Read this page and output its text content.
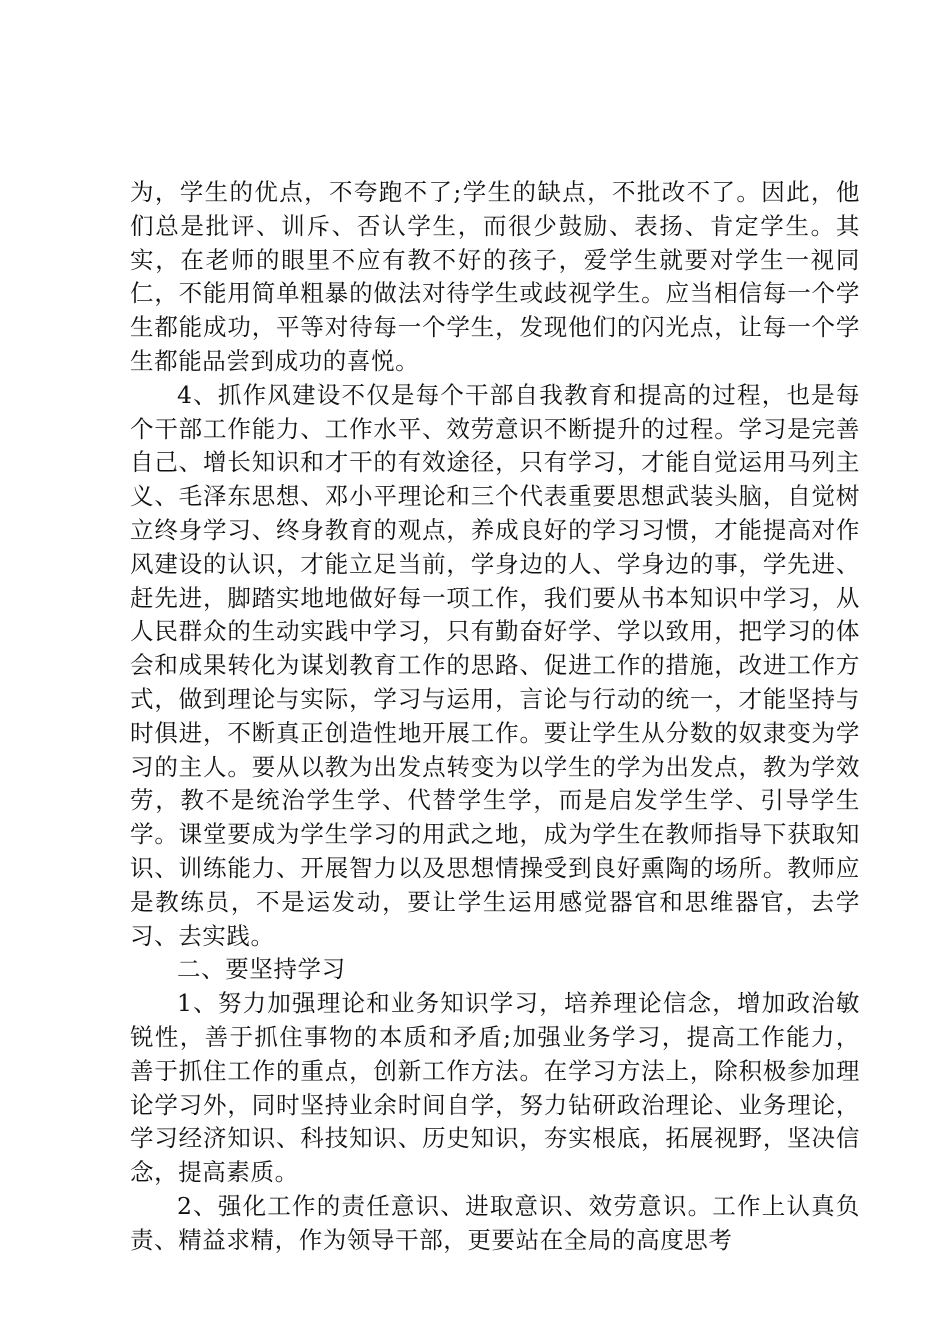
为，学生的优点，不夸跑不了;学生的缺点，不批改不了。因此，他们总是批评、训斥、否认学生，而很少鼓励、表扬、肯定学生。其实，在老师的眼里不应有教不好的孩子，爱学生就要对学生一视同仁，不能用简单粗暴的做法对待学生或歧视学生。应当相信每一个学生都能成功，平等对待每一个学生，发现他们的闪光点，让每一个学生都能品尝到成功的喜悦。

4、抓作风建设不仅是每个干部自我教育和提高的过程，也是每个干部工作能力、工作水平、效劳意识不断提升的过程。学习是完善自己、增长知识和才干的有效途径，只有学习，才能自觉运用马列主义、毛泽东思想、邓小平理论和三个代表重要思想武装头脑，自觉树立终身学习、终身教育的观点，养成良好的学习习惯，才能提高对作风建设的认识，才能立足当前，学身边的人、学身边的事，学先进、赶先进，脚踏实地地做好每一项工作，我们要从书本知识中学习，从人民群众的生动实践中学习，只有勤奋好学、学以致用，把学习的体会和成果转化为谋划教育工作的思路、促进工作的措施，改进工作方式，做到理论与实际，学习与运用，言论与行动的统一，才能坚持与时俱进，不断真正创造性地开展工作。要让学生从分数的奴隶变为学习的主人。要从以教为出发点转变为以学生的学为出发点，教为学效劳，教不是统治学生学、代替学生学，而是启发学生学、引导学生学。课堂要成为学生学习的用武之地，成为学生在教师指导下获取知识、训练能力、开展智力以及思想情操受到良好熏陶的场所。教师应是教练员，不是运发动，要让学生运用感觉器官和思维器官，去学习、去实践。

二、要坚持学习

1、努力加强理论和业务知识学习，培养理论信念，增加政治敏锐性，善于抓住事物的本质和矛盾;加强业务学习，提高工作能力，善于抓住工作的重点，创新工作方法。在学习方法上，除积极参加理论学习外，同时坚持业余时间自学，努力钻研政治理论、业务理论，学习经济知识、科技知识、历史知识，夯实根底，拓展视野，坚决信念，提高素质。

2、强化工作的责任意识、进取意识、效劳意识。工作上认真负责、精益求精，作为领导干部，更要站在全局的高度思考
